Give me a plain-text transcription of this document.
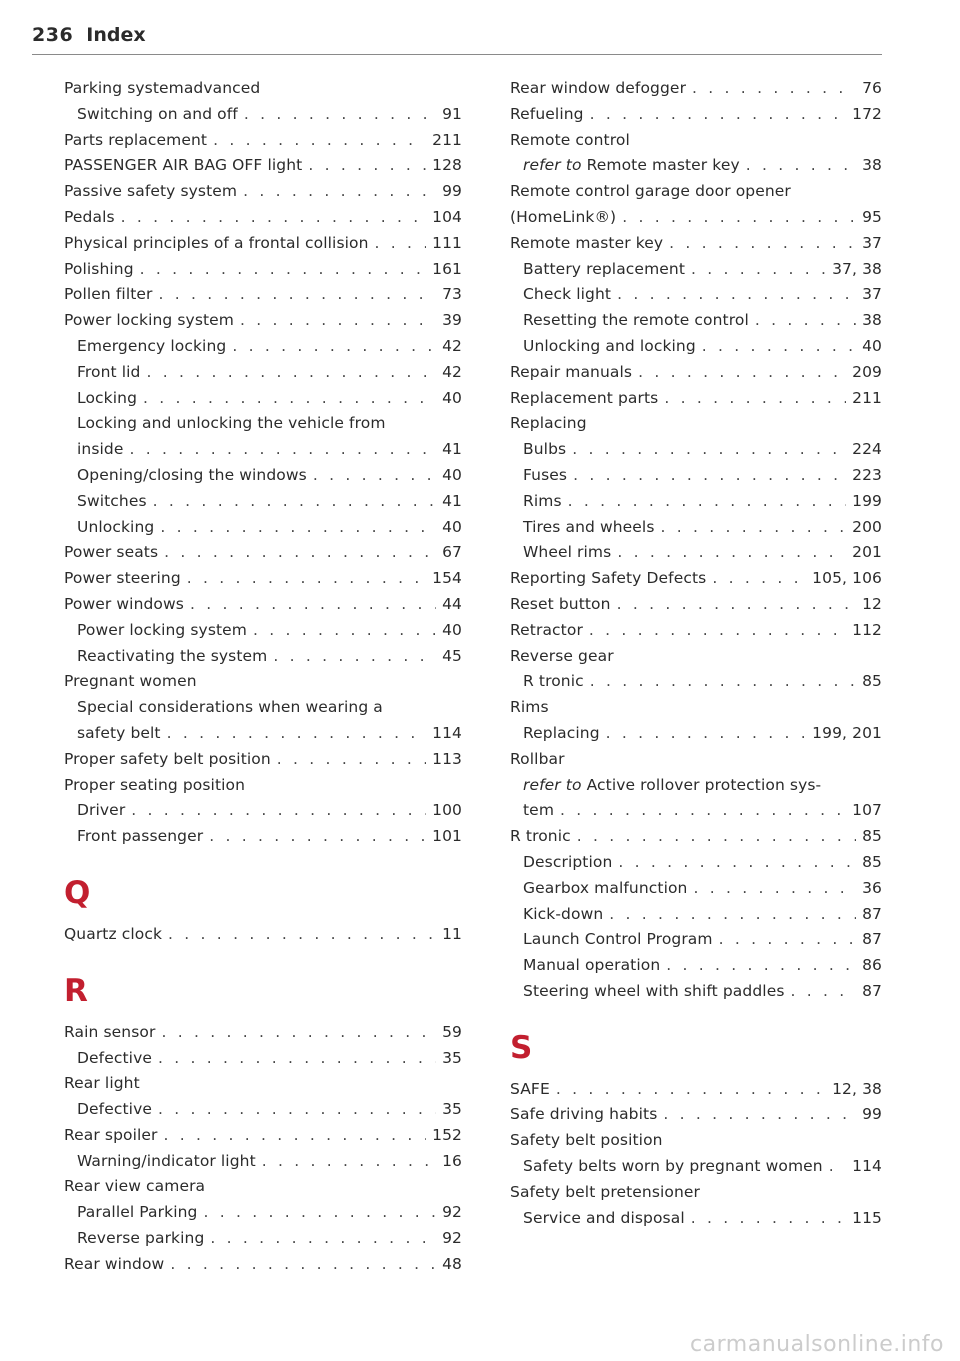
236 Index
Parking systemadvanced
Switching on and off . . .	91
Parts replacement . . .	211
PASSENGER AIR BAG OFF light . . .	128
Passive safety system . . .	99
Pedals . . .	104
Physical principles of a frontal collision . . .	111
Polishing . . .	161
Pollen filter . . .	73
Power locking system . . .	39
Emergency locking . . .	42
Front lid . . .	42
Locking . . .	40
Locking and unlocking the vehicle from
inside . . .	41
Opening/closing the windows . . .	40
Switches . . .	41
Unlocking . . .	40
Power seats . . .	67
Power steering . . .	154
Power windows . . .	44
Power locking system . . .	40
Reactivating the system . . .	45
Pregnant women
Special considerations when wearing a
safety belt . . .	114
Proper safety belt position . . .	113
Proper seating position
Driver . . .	100
Front passenger . . .	101
Q
Quartz clock . . .	11
R
Rain sensor . . .	59
Defective . . .	35
Rear light
Defective . . .	35
Rear spoiler . . .	152
Warning/indicator light . . .	16
Rear view camera
Parallel Parking . . .	92
Reverse parking . . .	92
Rear window . . .	48
Rear window defogger . . .	76
Refueling . . .	172
Remote control
refer to Remote master key . . .	38
Remote control garage door opener
(HomeLink®) . . .	95
Remote master key . . .	37
Battery replacement . . .	37, 38
Check light . . .	37
Resetting the remote control . . .	38
Unlocking and locking . . .	40
Repair manuals . . .	209
Replacement parts . . .	211
Replacing
Bulbs . . .	224
Fuses . . .	223
Rims . . .	199
Tires and wheels . . .	200
Wheel rims . . .	201
Reporting Safety Defects . . .	105, 106
Reset button . . .	12
Retractor . . .	112
Reverse gear
R tronic . . .	85
Rims
Replacing . . .	199, 201
Rollbar
refer to Active rollover protection sys-
tem . . .	107
R tronic . . .	85
Description . . .	85
Gearbox malfunction . . .	36
Kick-down . . .	87
Launch Control Program . . .	87
Manual operation . . .	86
Steering wheel with shift paddles . . .	87
S
SAFE . . .	12, 38
Safe driving habits . . .	99
Safety belt position
Safety belts worn by pregnant women . . . 114
Safety belt pretensioner
Service and disposal . . .	115
carmanualsonline.info
